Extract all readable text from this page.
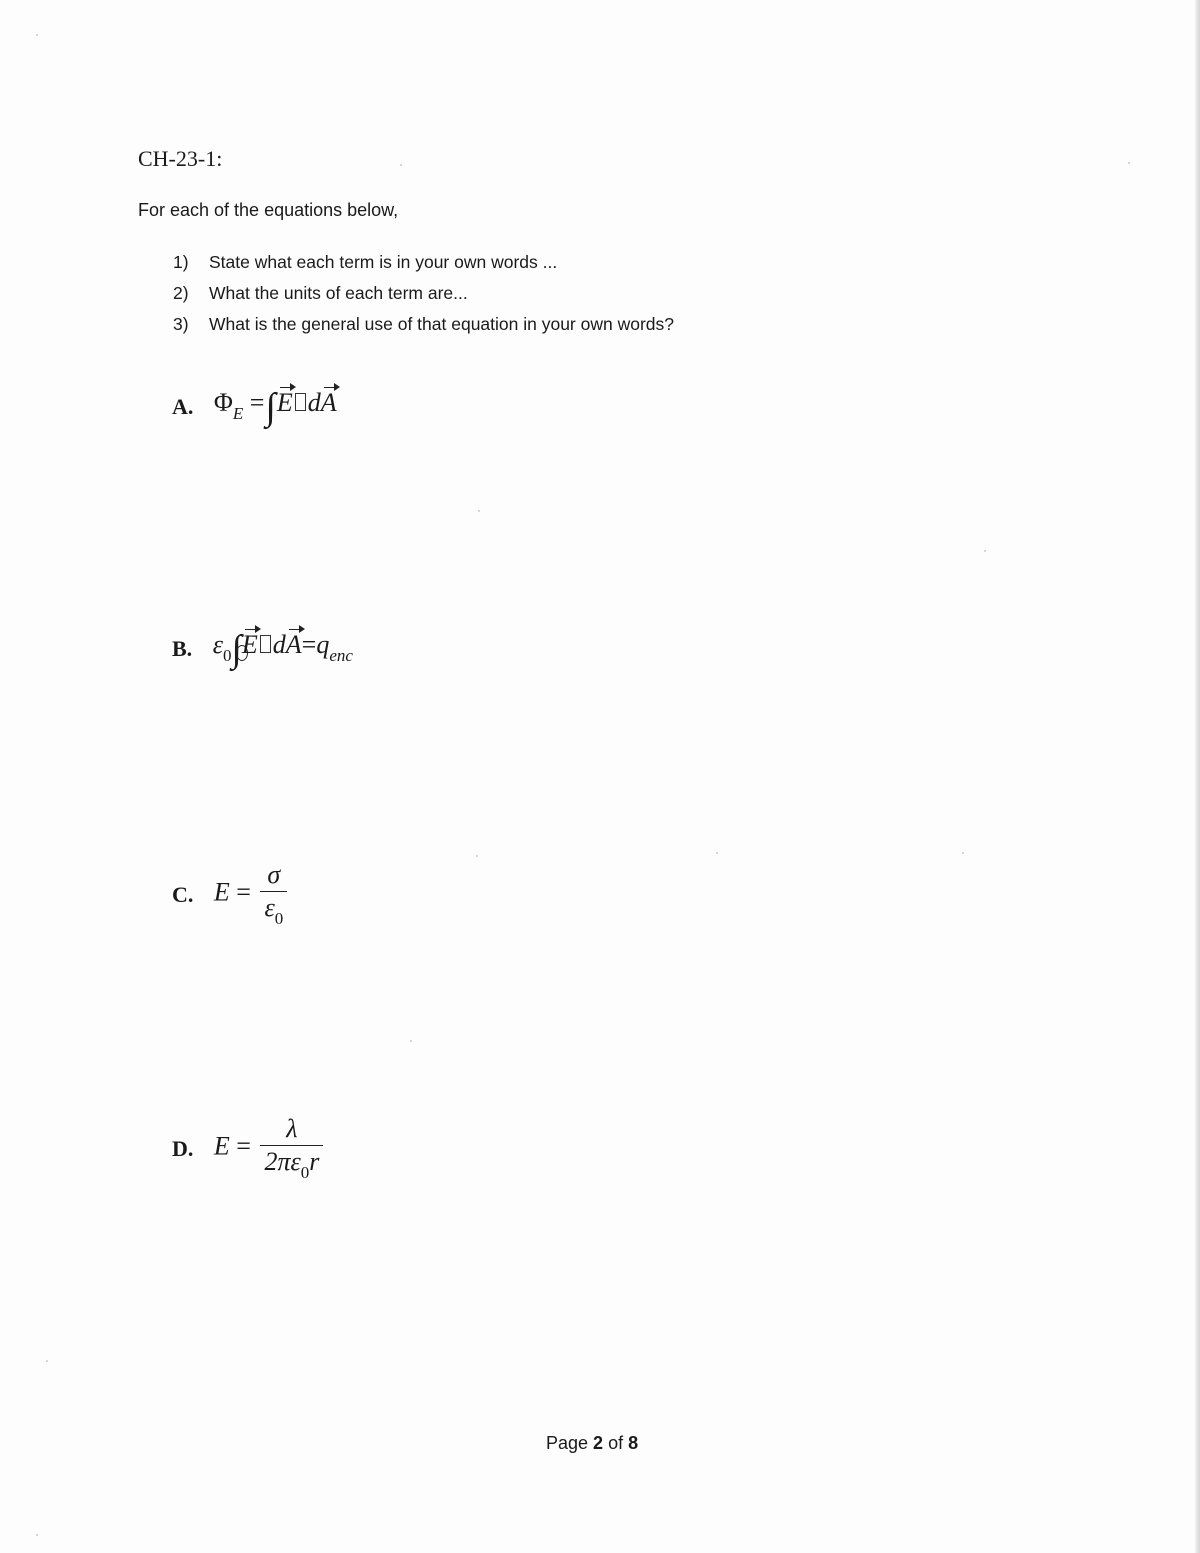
CH-23-1:

For each of the equations below,

1) State what each term is in your own words ...
2) What the units of each term are...
3) What is the general use of that equation in your own words?
A. $\Phi_E =\int E$ dA
B. $\varepsilon_0\int$
E $dA=q_{enc}$
C. $E = \frac{\sigma}{\varepsilon_0}$
D. $E = \frac{\lambda}{2\pi\varepsilon_0r}$

Page 2 of 8
